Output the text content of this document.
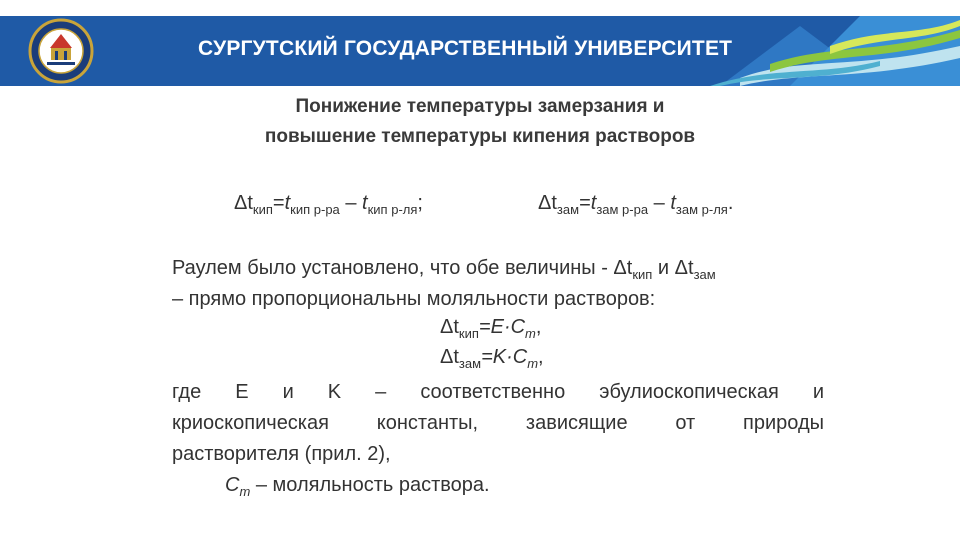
СУРГУТСКИЙ ГОСУДАРСТВЕННЫЙ УНИВЕРСИТЕТ
Понижение температуры замерзания и
повышение температуры кипения растворов
$\Delta t_{кип}=t_{кип р-ра} - t_{кип р-ля}$;	$\Delta t_{зам}=t_{зам р-ра} - t_{зам р-ля}$.
Раулем было установлено, что обе величины - $\Delta t_{кип}$ и $\Delta t_{зам}$
– прямо пропорциональны моляльности растворов:
$\Delta t_{кип}=E\cdot C_m$,
$\Delta t_{зам}=K\cdot C_m$,
где E и K – соответственно эбулиоскопическая и
криоскопическая константы, зависящие от природы
растворителя (прил. 2),
$C_m$ – моляльность раствора.
